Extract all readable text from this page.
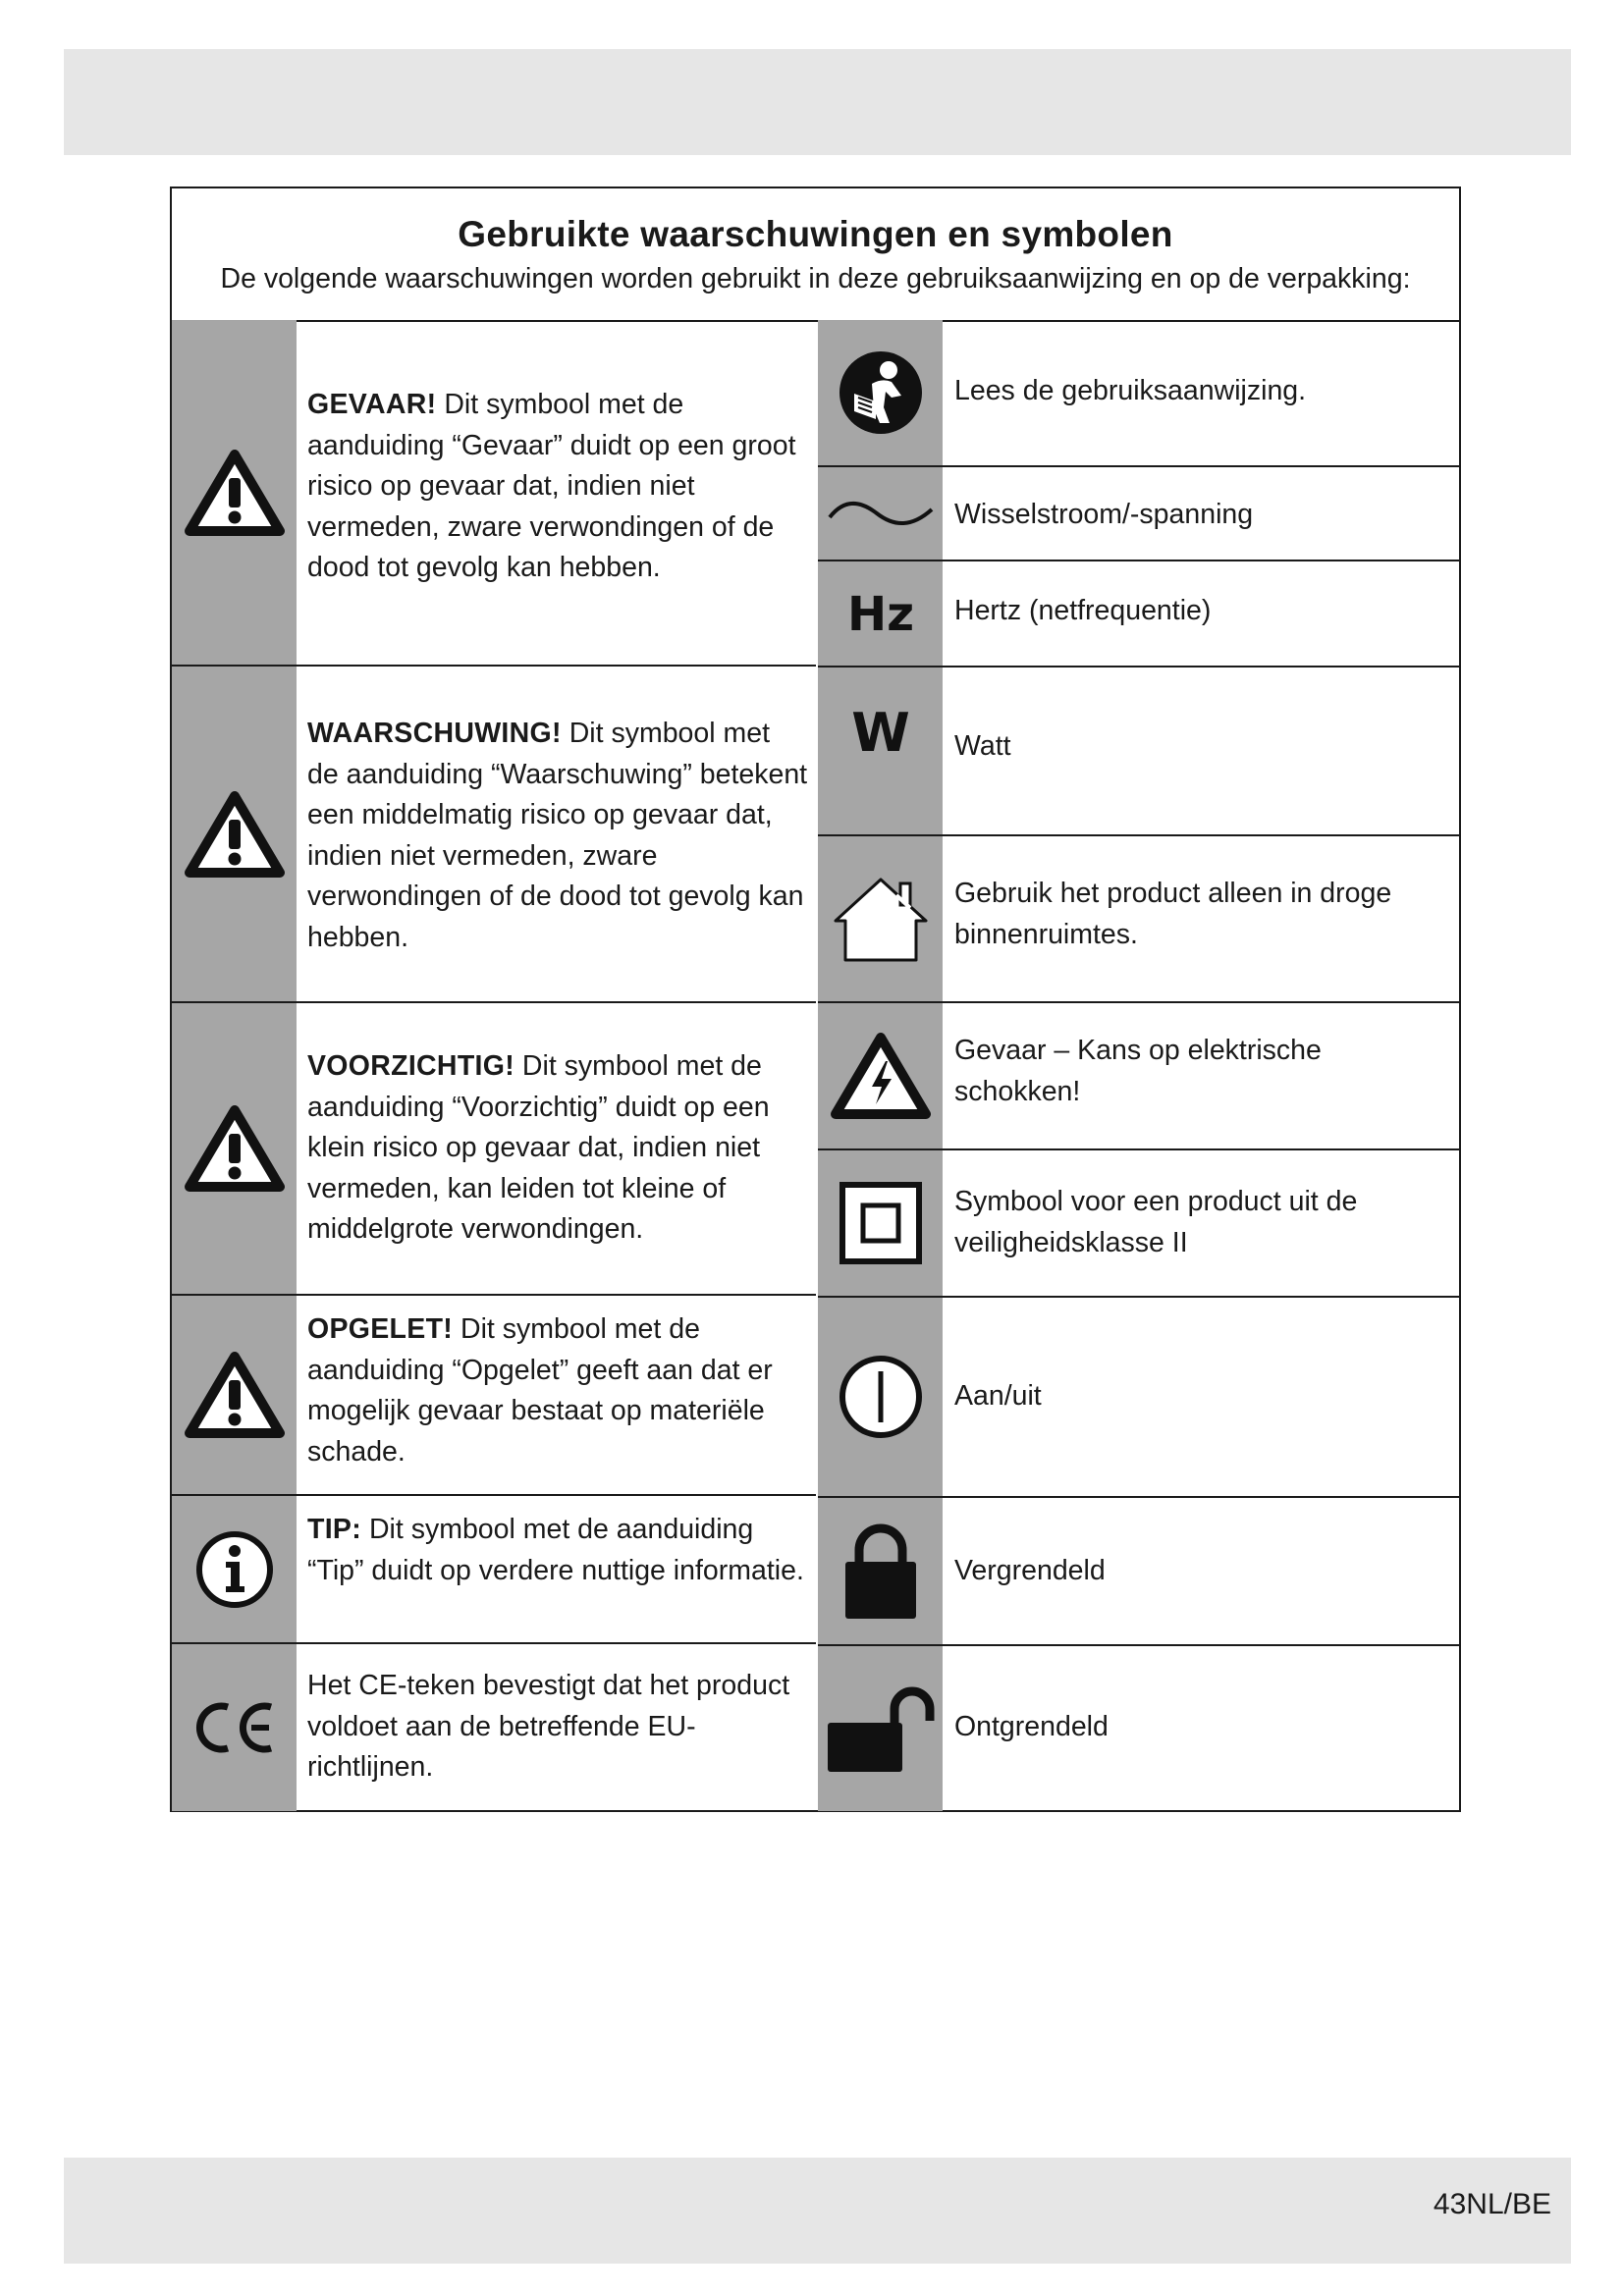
Gebruikte waarschuwingen en symbolen

De volgende waarschuwingen worden gebruikt in deze gebruiksaanwijzing en op de verpakking:

GEVAAR! Dit symbool met de aanduiding “Gevaar” duidt op een groot risico op gevaar dat, indien niet vermeden, zware verwondingen of de dood tot gevolg kan hebben.
WAARSCHUWING! Dit symbool met de aanduiding “Waarschuwing” betekent een middelmatig risico op gevaar dat, indien niet vermeden, zware verwondingen of de dood tot gevolg kan hebben.
VOORZICHTIG! Dit symbool met de aanduiding “Voorzichtig” duidt op een klein risico op gevaar dat, indien niet vermeden, kan leiden tot kleine of middelgrote verwondingen.
OPGELET! Dit symbool met de aanduiding “Opgelet” geeft aan dat er mogelijk gevaar bestaat op materiële schade.
TIP: Dit symbool met de aanduiding “Tip” duidt op verdere nuttige informatie.
Het CE-teken bevestigt dat het product voldoet aan de betreffende EU-richtlijnen.
Lees de gebruiksaanwijzing.
Wisselstroom/-spanning
Hz Hertz (netfrequentie)
W Watt
Gebruik het product alleen in droge binnenruimtes.
Gevaar – Kans op elektrische schokken!
Symbool voor een product uit de veiligheidsklasse II
Aan/uit
Vergrendeld
Ontgrendeld
43NL/BE
